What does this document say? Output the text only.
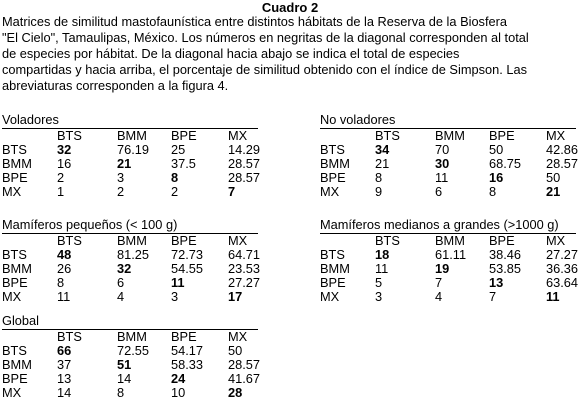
Cuadro 2
Matrices de similitud mastofaunística entre distintos hábitats de la Reserva de la Biosfera
"El Cielo", Tamaulipas, México. Los números en negritas de la diagonal corresponden al total
de especies por hábitat. De la diagonal hacia abajo se indica el total de especies
compartidas y hacia arriba, el porcentaje de similitud obtenido con el índice de Simpson. Las
abreviaturas corresponden a la figura 4.
Voladores
	BTS	BMM	BPE	MX
BTS	32	76.19	25	14.29
BMM	16	21	37.5	28.57
BPE	2	3	8	28.57
MX	1	2	2	7
No voladores
	BTS	BMM	BPE	MX
BTS	34	70	50	42.86
BMM	21	30	68.75	28.57
BPE	8	11	16	50
MX	9	6	8	21
Mamíferos pequeños (< 100 g)
	BTS	BMM	BPE	MX
BTS	48	81.25	72.73	64.71
BMM	26	32	54.55	23.53
BPE	8	6	11	27.27
MX	11	4	3	17
Mamíferos medianos a grandes (>1000 g)
	BTS	BMM	BPE	MX
BTS	18	61.11	38.46	27.27
BMM	11	19	53.85	36.36
BPE	5	7	13	63.64
MX	3	4	7	11
Global
	BTS	BMM	BPE	MX
BTS	66	72.55	54.17	50
BMM	37	51	58.33	28.57
BPE	13	14	24	41.67
MX	14	8	10	28
